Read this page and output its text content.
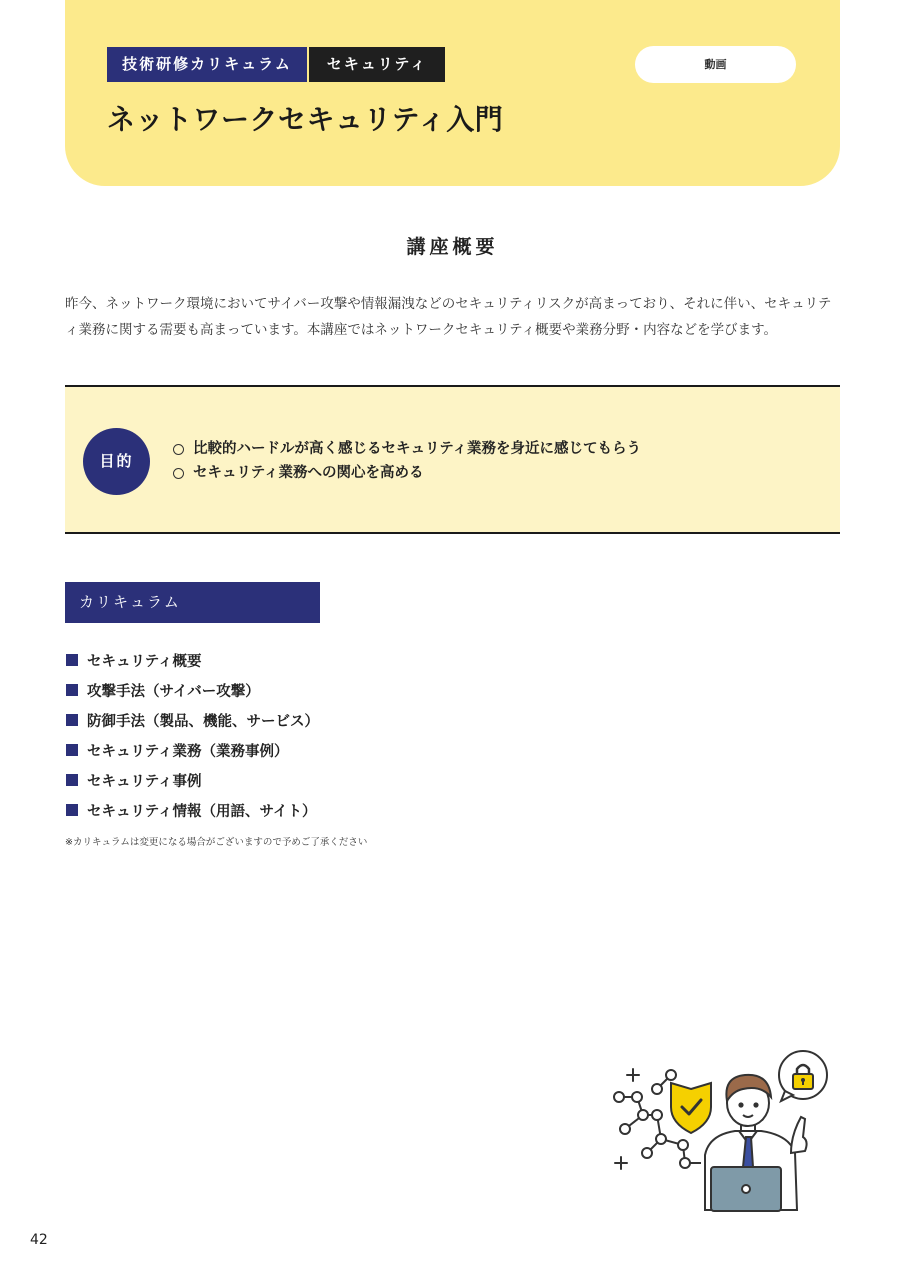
技術研修カリキュラム	セキュリティ	動画
ネットワークセキュリティ入門
講座概要

昨今、ネットワーク環境においてサイバー攻撃や情報漏洩などのセキュリティリスクが高まっており、それに伴い、セキュリティ業務に関する需要も高まっています。本講座ではネットワークセキュリティ概要や業務分野・内容などを学びます。

目的
比較的ハードルが高く感じるセキュリティ業務を身近に感じてもらう
セキュリティ業務への関心を高める
カリキュラム
セキュリティ概要
攻撃手法（サイバー攻撃）
防御手法（製品、機能、サービス）
セキュリティ業務（業務事例）
セキュリティ事例
セキュリティ情報（用語、サイト）
※カリキュラムは変更になる場合がございますので予めご了承ください
42
